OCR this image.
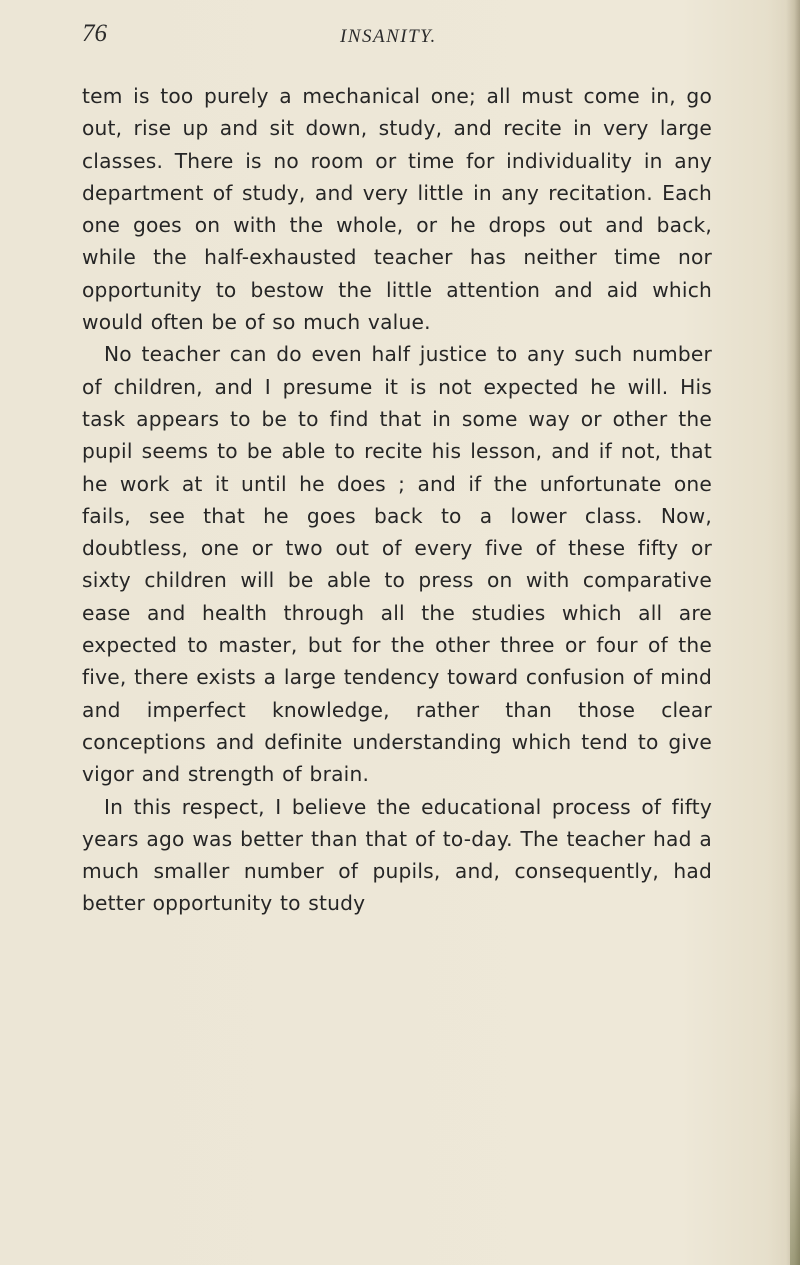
76	INSANITY.

tem is too purely a mechanical one; all must come in, go out, rise up and sit down, study, and recite in very large classes. There is no room or time for individuality in any department of study, and very little in any recitation. Each one goes on with the whole, or he drops out and back, while the half-exhausted teacher has neither time nor opportunity to bestow the little attention and aid which would often be of so much value.

No teacher can do even half justice to any such number of children, and I presume it is not expected he will. His task appears to be to find that in some way or other the pupil seems to be able to recite his lesson, and if not, that he work at it until he does ; and if the unfortunate one fails, see that he goes back to a lower class. Now, doubtless, one or two out of every five of these fifty or sixty children will be able to press on with comparative ease and health through all the studies which all are expected to master, but for the other three or four of the five, there exists a large tendency toward confusion of mind and imperfect knowledge, rather than those clear conceptions and definite understanding which tend to give vigor and strength of brain.

In this respect, I believe the educational process of fifty years ago was better than that of to-day. The teacher had a much smaller number of pupils, and, consequently, had better opportunity to study
